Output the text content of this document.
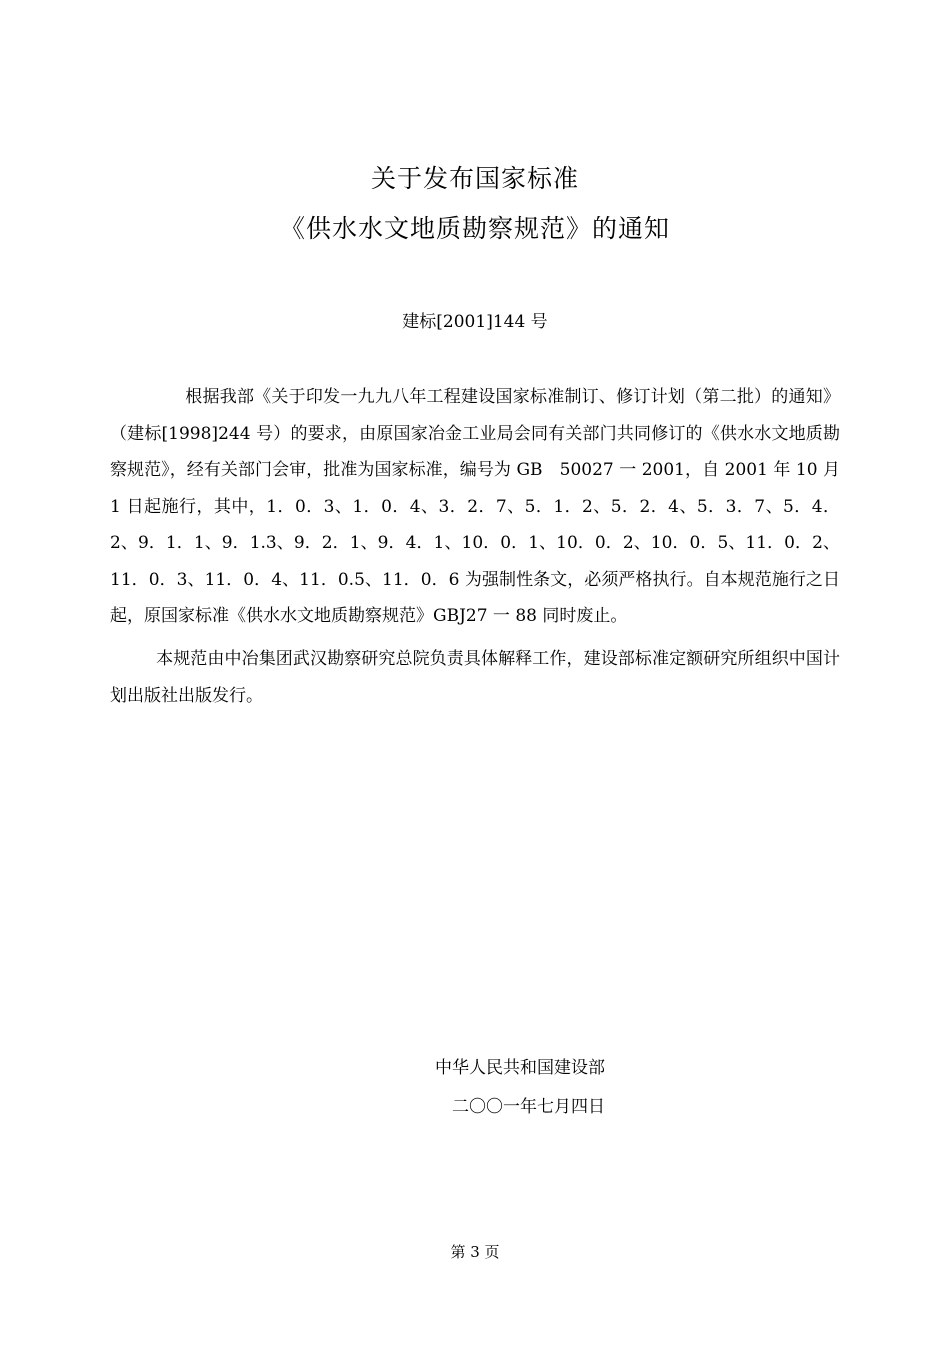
关于发布国家标准
《供水水文地质勘察规范》的通知
建标[2001]144 号

根据我部《关于印发一九九八年工程建设国家标准制订、修订计划（第二批）的通知》（建标[1998]244 号）的要求，由原国家冶金工业局会同有关部门共同修订的《供水水文地质勘察规范》，经有关部门会审，批准为国家标准，编号为 GB　50027 一 2001，自 2001 年 10 月 1 日起施行，其中，1．0．3、1．0．4、3．2．7、5．1．2、5．2．4、5．3．7、5．4．2、9．1．1、9．1.3、9．2．1、9．4．1、10．0．1、10．0．2、10．0．5、11．0．2、11．0．3、11．0．4、11．0.5、11．0．6 为强制性条文，必须严格执行。自本规范施行之日起，原国家标准《供水水文地质勘察规范》GBJ27 一 88 同时废止。

本规范由中冶集团武汉勘察研究总院负责具体解释工作，建设部标准定额研究所组织中国计划出版社出版发行。

中华人民共和国建设部
二〇〇一年七月四日
第 3 页
